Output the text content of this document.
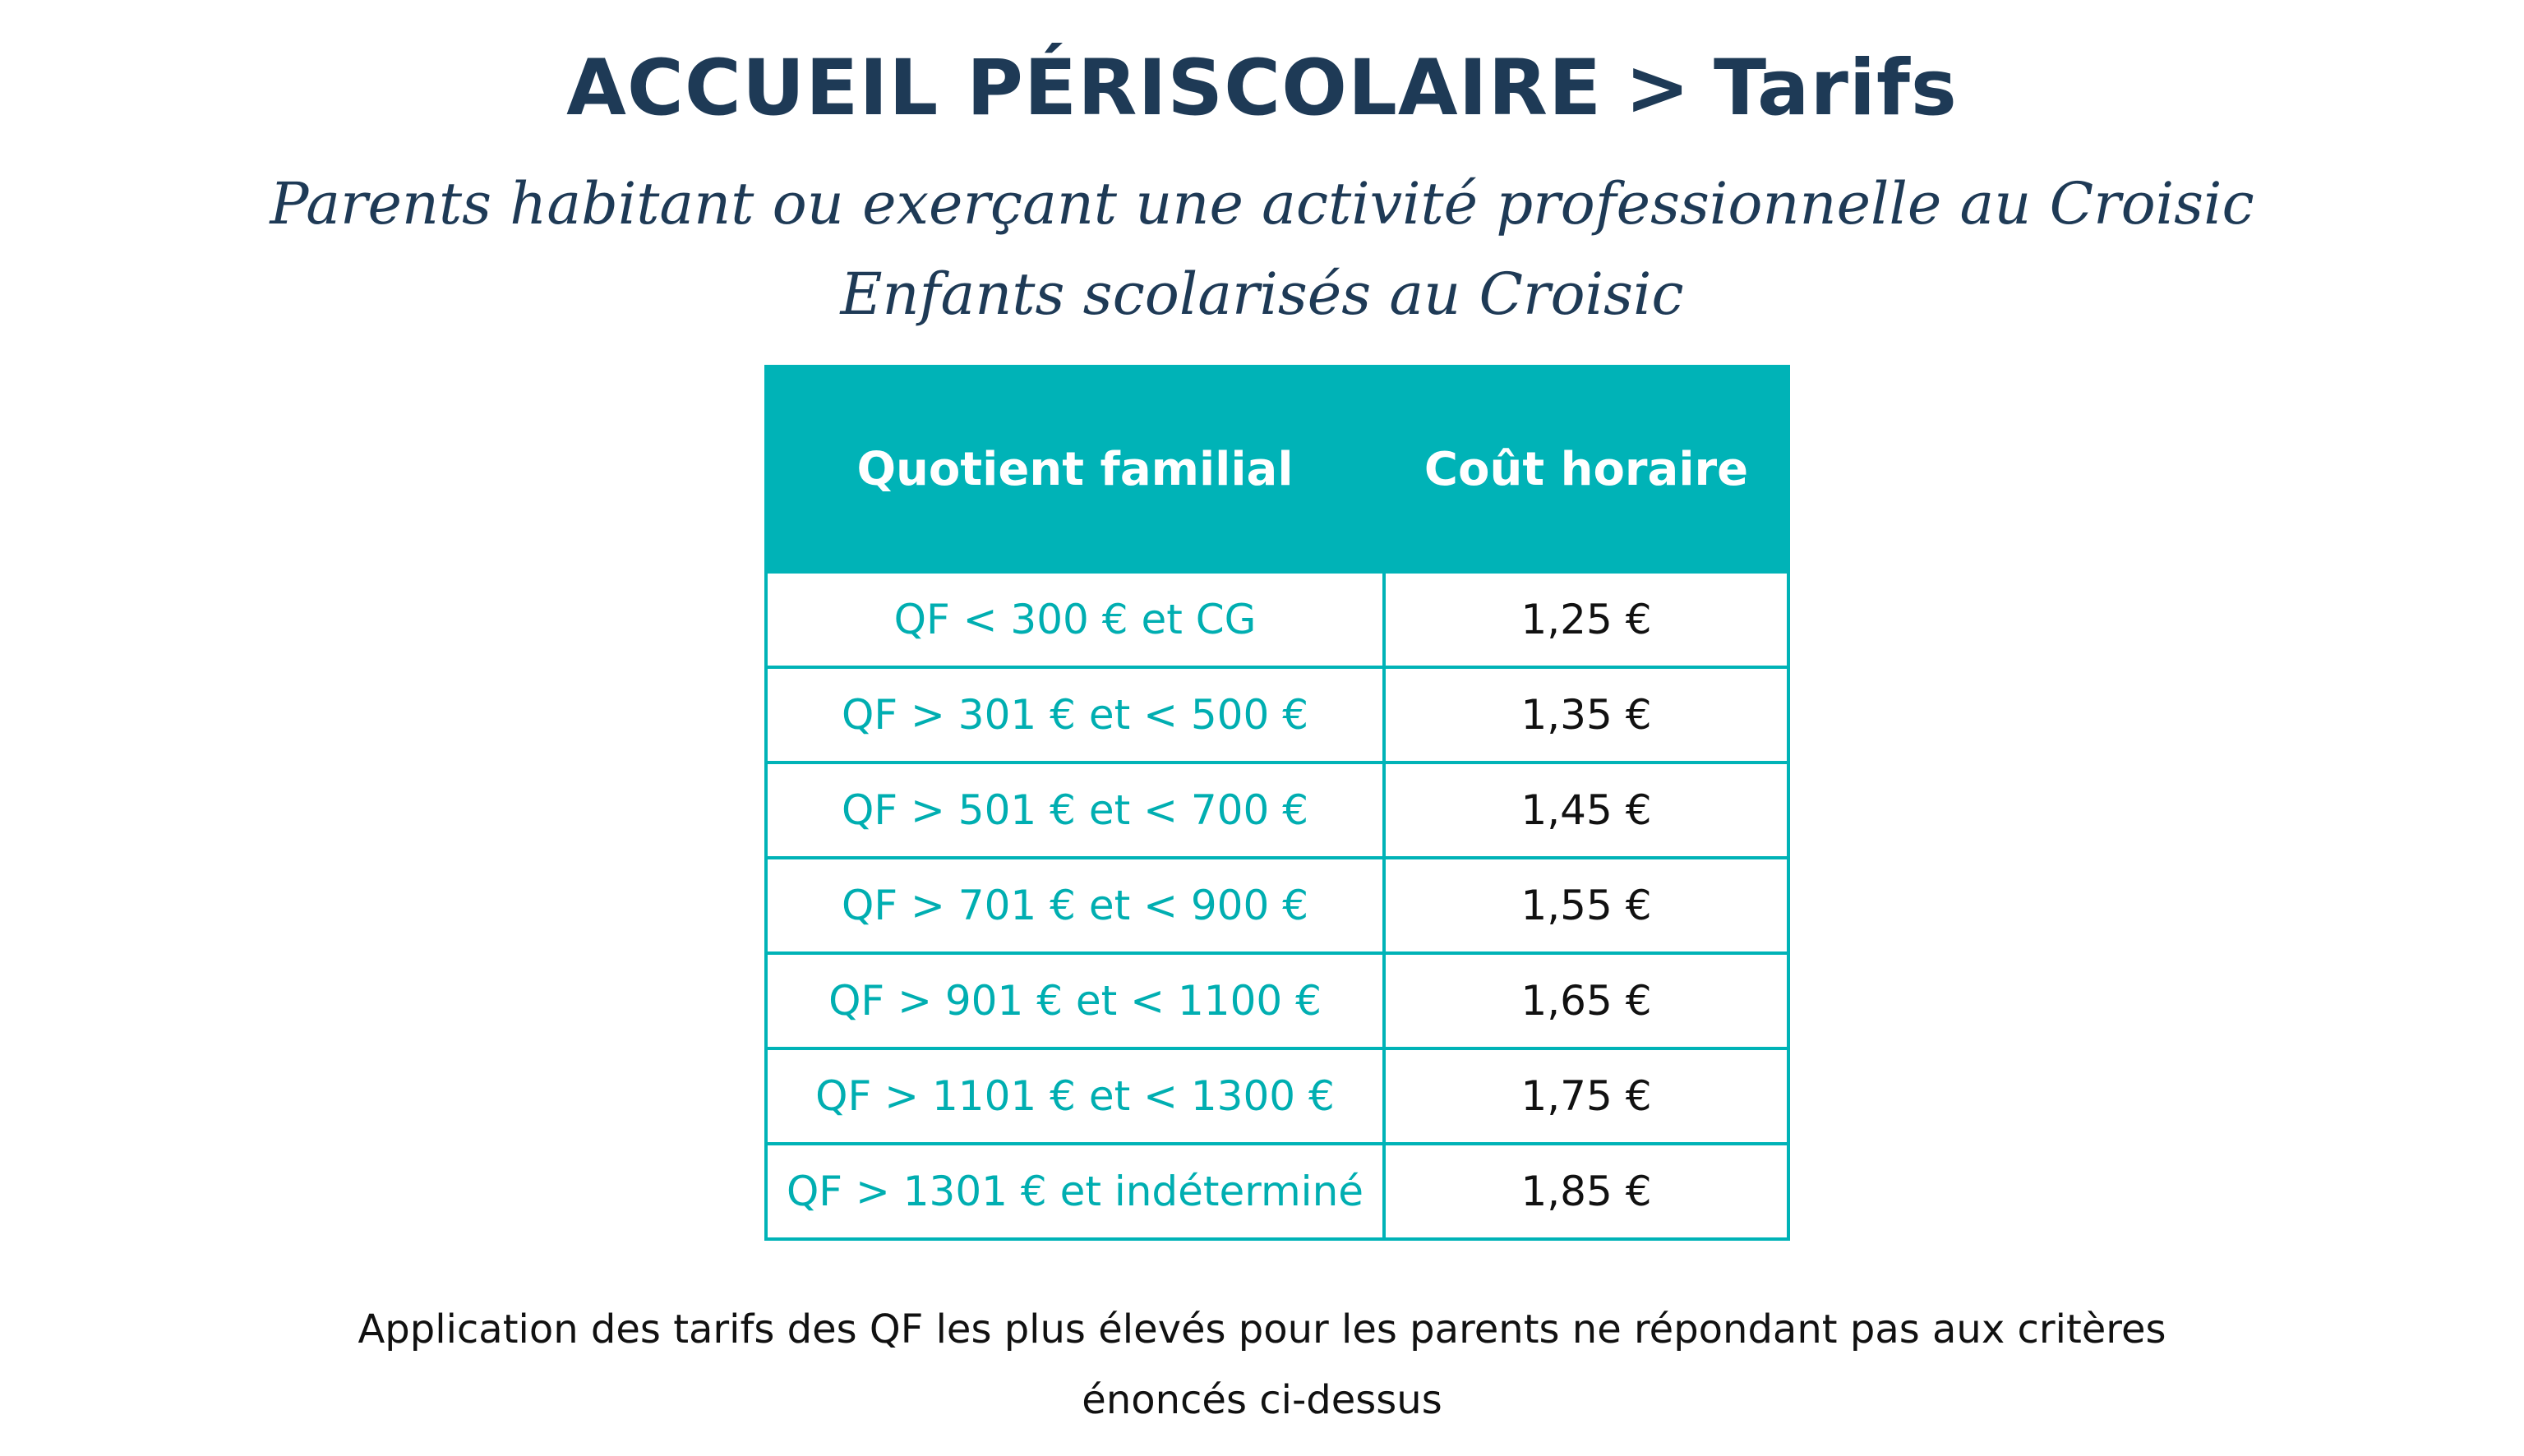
ACCUEIL PÉRISCOLAIRE > Tarifs
Parents habitant ou exerçant une activité professionnelle au Croisic
Enfants scolarisés au Croisic
Quotient familial	Coût horaire
QF < 300 € et CG	1,25 €
QF > 301 € et < 500 €	1,35 €
QF > 501 € et < 700 €	1,45 €
QF > 701 € et < 900 €	1,55 €
QF > 901 € et < 1100 €	1,65 €
QF > 1101 € et < 1300 €	1,75 €
QF > 1301 € et indéterminé	1,85 €
Application des tarifs des QF les plus élevés pour les parents ne répondant pas aux critères
énoncés ci-dessus
